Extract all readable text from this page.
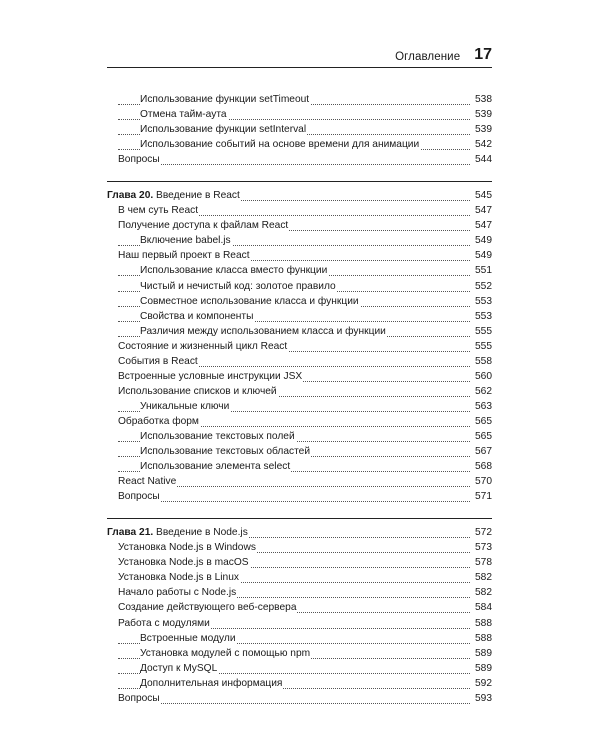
Оглавление 17
Использование функции setTimeout	538
Отмена тайм-аута	539
Использование функции setInterval	539
Использование событий на основе времени для анимации	542
Вопросы	544
Глава 20. Введение в React	545
В чем суть React	547
Получение доступа к файлам React	547
Включение babel.js	549
Наш первый проект в React	549
Использование класса вместо функции	551
Чистый и нечистый код: золотое правило	552
Совместное использование класса и функции	553
Свойства и компоненты	553
Различия между использованием класса и функции	555
Состояние и жизненный цикл React	555
События в React	558
Встроенные условные инструкции JSX	560
Использование списков и ключей	562
Уникальные ключи	563
Обработка форм	565
Использование текстовых полей	565
Использование текстовых областей	567
Использование элемента select	568
React Native	570
Вопросы	571
Глава 21. Введение в Node.js	572
Установка Node.js в Windows	573
Установка Node.js в macOS	578
Установка Node.js в Linux	582
Начало работы с Node.js	582
Создание действующего веб-сервера	584
Работа с модулями	588
Встроенные модули	588
Установка модулей с помощью npm	589
Доступ к MySQL	589
Дополнительная информация	592
Вопросы	593
